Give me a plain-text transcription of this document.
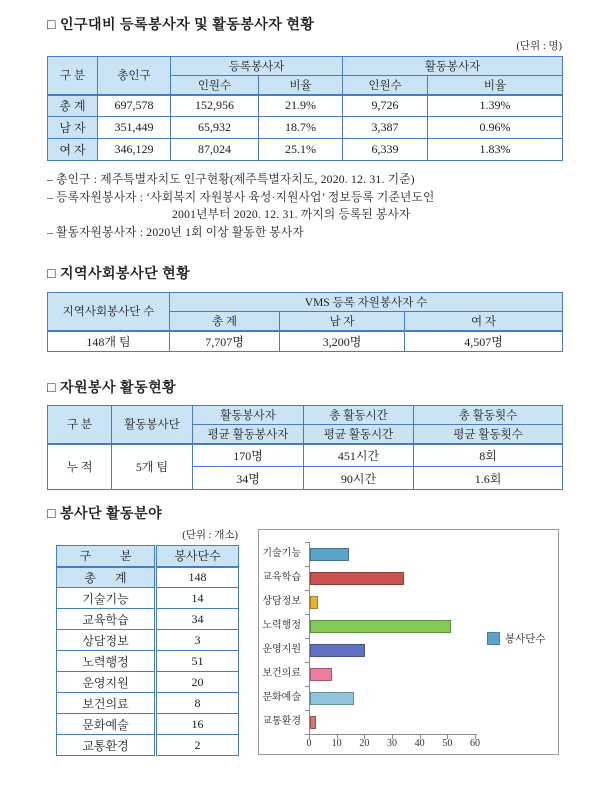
□ 인구대비 등록봉사자 및 활동봉사자 현황
(단위 : 명)
구 분	총인구	등록봉사자		활동봉사자	
		인원수	비율	인원수	비율
총 계	697,578	152,956	21.9%	9,726	1.39%
남 자	351,449	65,932	18.7%	3,387	0.96%
여 자	346,129	87,024	25.1%	6,339	1.83%
– 총인구 : 제주특별자치도 인구현황(제주특별자치도, 2020. 12. 31. 기준)
– 등록자원봉사자 : ‘사회복지 자원봉사 육성·지원사업’ 정보등록 기준년도인
2001년부터 2020. 12. 31. 까지의 등록된 봉사자
– 활동자원봉사자 : 2020년 1회 이상 활동한 봉사자
□ 지역사회봉사단 현황
지역사회봉사단 수	VMS 등록 자원봉사자 수		
	총 계	남 자	여 자
148개 팀	7,707명	3,200명	4,507명
□ 자원봉사 활동현황
구 분	활동봉사단	활동봉사자	총 활동시간	총 활동횟수
		평균 활동봉사자	평균 활동시간	평균 활동횟수
누 적	5개 팀	170명	451시간	8회
		34명	90시간	1.6회
□ 봉사단 활동분야
(단위 : 개소)
구 분	봉사단수
총 계	148
기술기능	14
교육학습	34
상담정보	3
노력행정	51
운영지원	20
보건의료	8
문화예술	16
교통환경	2
기술기능
교육학습
상담정보
노력행정
운영지원
보건의료
문화예술
교통환경
0 10 20 30 40 50 60
봉사단수
